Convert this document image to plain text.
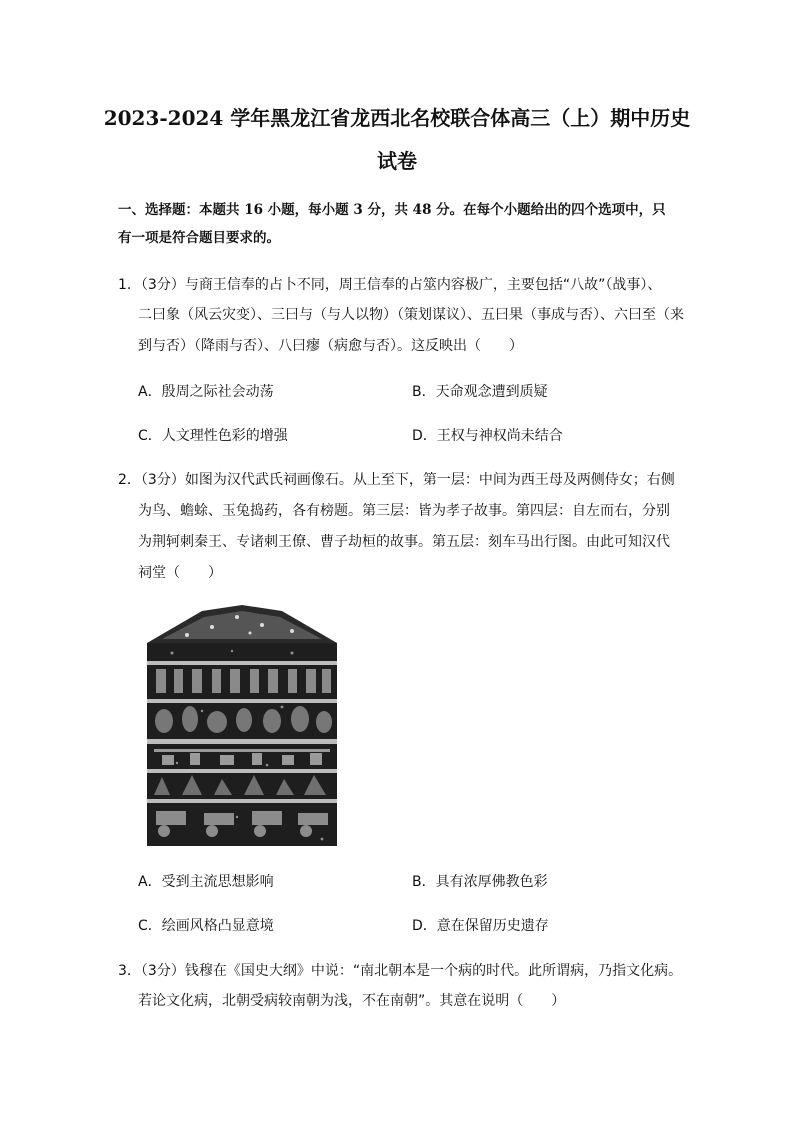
2023-2024 学年黑龙江省龙西北名校联合体高三（上）期中历史
试卷
一、选择题：本题共 16 小题，每小题 3 分，共 48 分。在每个小题给出的四个选项中，只
有一项是符合题目要求的。
1．（3分）与商王信奉的占卜不同，周王信奉的占筮内容极广，主要包括“八故”（战事）、
二曰象（风云灾变）、三曰与（与人以物）（策划谋议）、五曰果（事成与否）、六曰至（来
到与否）（降雨与否）、八曰瘳（病愈与否）。这反映出（　　）
A．殷周之际社会动荡	B．天命观念遭到质疑
C．人文理性色彩的增强	D．王权与神权尚未结合
2．（3分）如图为汉代武氏祠画像石。从上至下，第一层：中间为西王母及两侧侍女；右侧
为鸟、蟾蜍、玉兔捣药，各有榜题。第三层：皆为孝子故事。第四层：自左而右，分别
为荆轲刺秦王、专诸刺王僚、曹子劫桓的故事。第五层：刻车马出行图。由此可知汉代
祠堂（　　）
A．受到主流思想影响	B．具有浓厚佛教色彩
C．绘画风格凸显意境	D．意在保留历史遗存
3．（3分）钱穆在《国史大纲》中说：“南北朝本是一个病的时代。此所谓病，乃指文化病。
若论文化病，北朝受病较南朝为浅，不在南朝”。其意在说明（　　）
